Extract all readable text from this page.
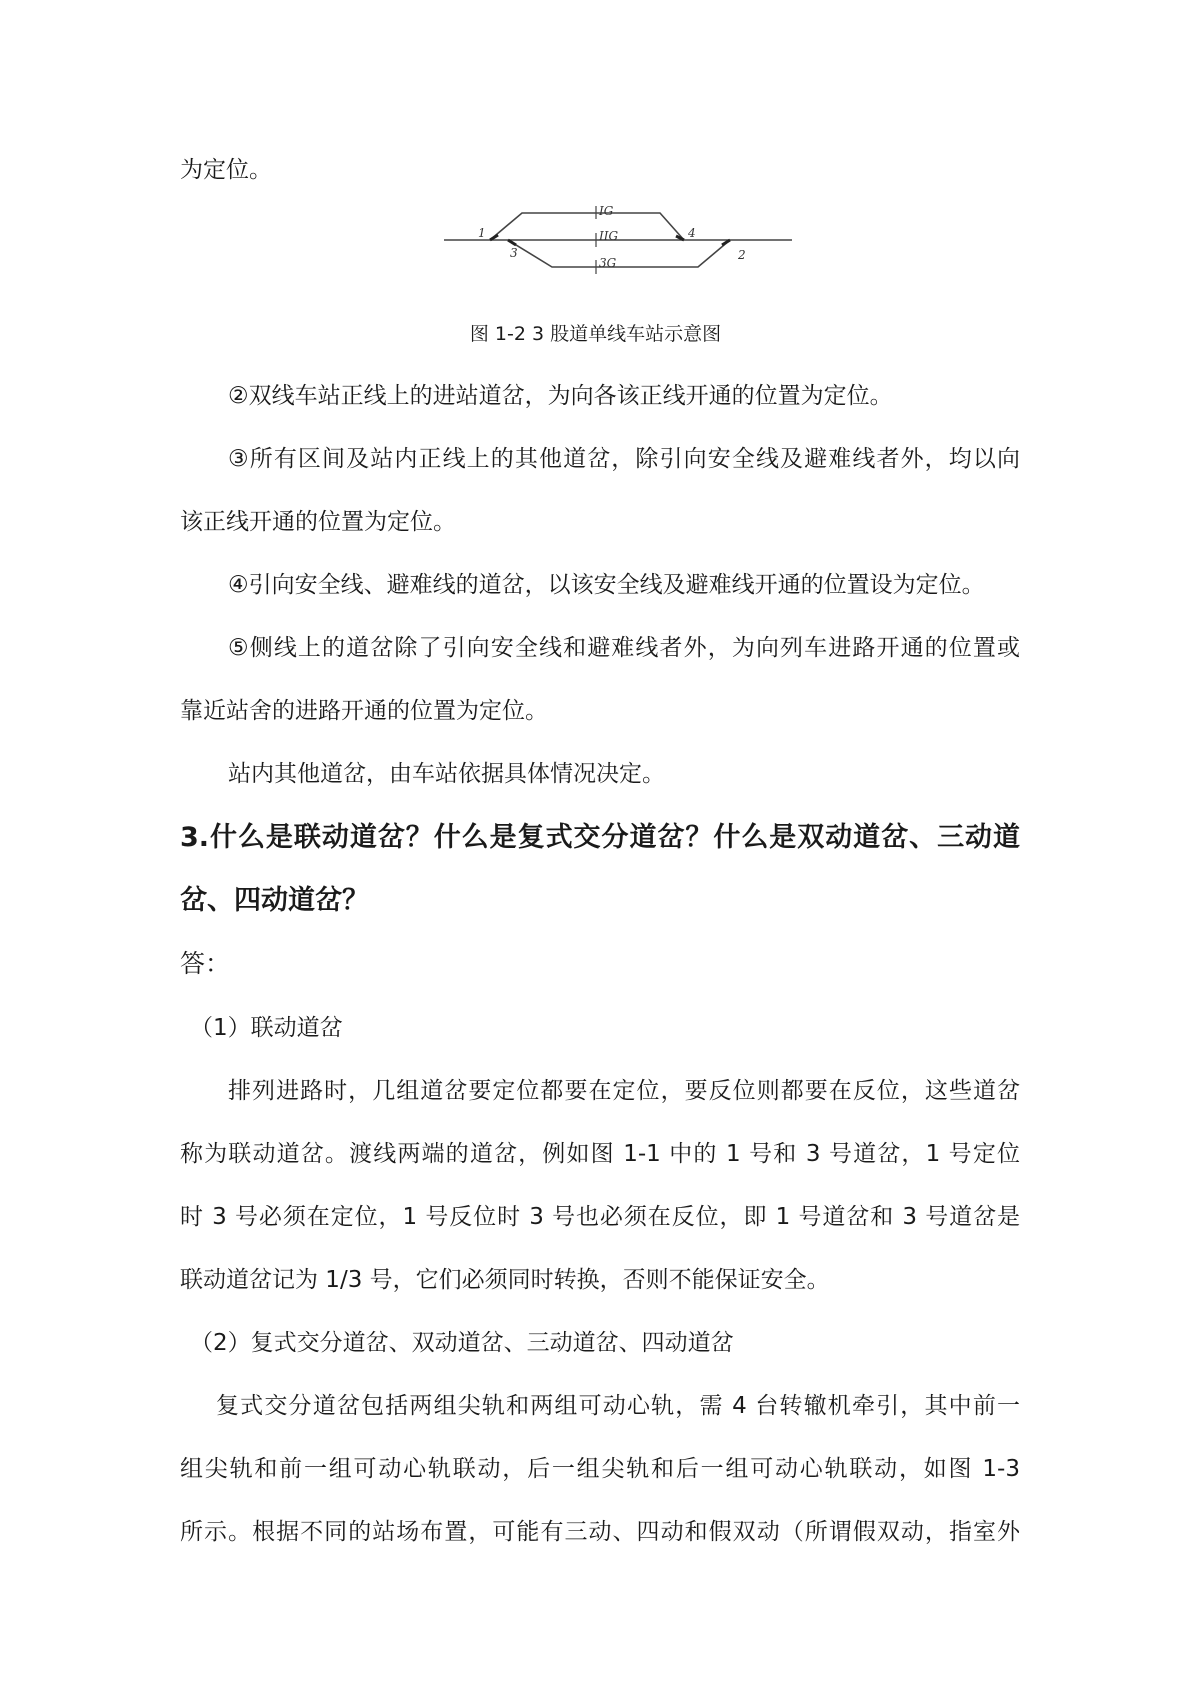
为定位。

IG
IIG
3G
1
3
4
2

图 1-2 3 股道单线车站示意图

②双线车站正线上的进站道岔，为向各该正线开通的位置为定位。

③所有区间及站内正线上的其他道岔，除引向安全线及避难线者外，均以向

该正线开通的位置为定位。

④引向安全线、避难线的道岔，以该安全线及避难线开通的位置设为定位。

⑤侧线上的道岔除了引向安全线和避难线者外，为向列车进路开通的位置或

靠近站舍的进路开通的位置为定位。

站内其他道岔，由车站依据具体情况决定。

3.什么是联动道岔？什么是复式交分道岔？什么是双动道岔、三动道

岔、四动道岔？

答：

（1）联动道岔

排列进路时，几组道岔要定位都要在定位，要反位则都要在反位，这些道岔

称为联动道岔。渡线两端的道岔，例如图 1-1 中的 1 号和 3 号道岔，1 号定位

时 3 号必须在定位，1 号反位时 3 号也必须在反位，即 1 号道岔和 3 号道岔是

联动道岔记为 1/3 号，它们必须同时转换，否则不能保证安全。

（2）复式交分道岔、双动道岔、三动道岔、四动道岔

复式交分道岔包括两组尖轨和两组可动心轨，需 4 台转辙机牵引，其中前一

组尖轨和前一组可动心轨联动，后一组尖轨和后一组可动心轨联动，如图 1-3

所示。根据不同的站场布置，可能有三动、四动和假双动（所谓假双动，指室外
